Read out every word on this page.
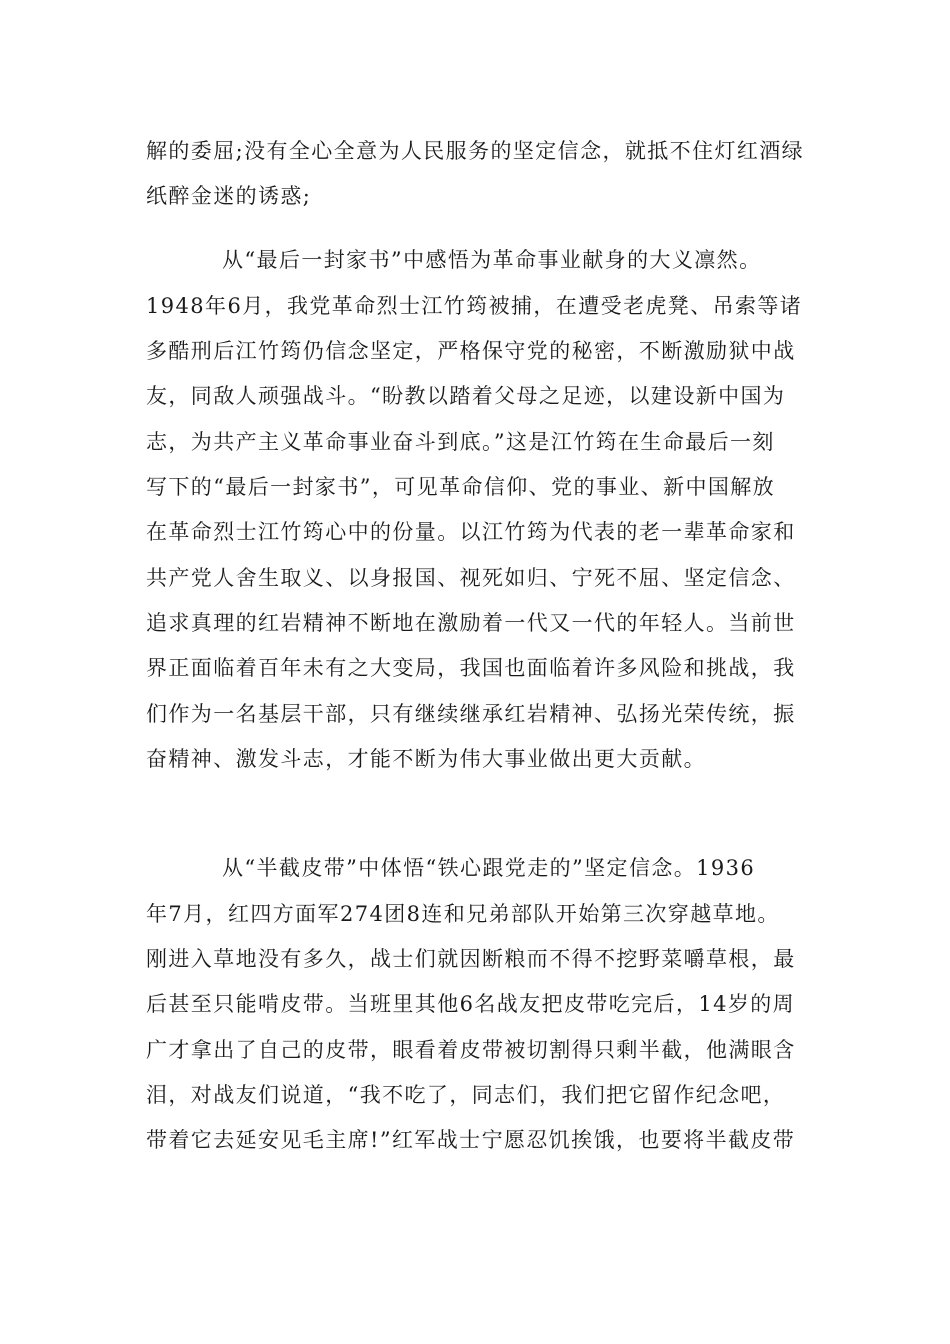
解的委屈;没有全心全意为人民服务的坚定信念，就抵不住灯红酒绿
纸醉金迷的诱惑;
从“最后一封家书”中感悟为革命事业献身的大义凛然。
1948年6月，我党革命烈士江竹筠被捕，在遭受老虎凳、吊索等诸
多酷刑后江竹筠仍信念坚定，严格保守党的秘密，不断激励狱中战
友，同敌人顽强战斗。“盼教以踏着父母之足迹，以建设新中国为
志，为共产主义革命事业奋斗到底。”这是江竹筠在生命最后一刻
写下的“最后一封家书”，可见革命信仰、党的事业、新中国解放
在革命烈士江竹筠心中的份量。以江竹筠为代表的老一辈革命家和
共产党人舍生取义、以身报国、视死如归、宁死不屈、坚定信念、
追求真理的红岩精神不断地在激励着一代又一代的年轻人。当前世
界正面临着百年未有之大变局，我国也面临着许多风险和挑战，我
们作为一名基层干部，只有继续继承红岩精神、弘扬光荣传统，振
奋精神、激发斗志，才能不断为伟大事业做出更大贡献。
从“半截皮带”中体悟“铁心跟党走的”坚定信念。1936
年7月，红四方面军274团8连和兄弟部队开始第三次穿越草地。
刚进入草地没有多久，战士们就因断粮而不得不挖野菜嚼草根，最
后甚至只能啃皮带。当班里其他6名战友把皮带吃完后，14岁的周
广才拿出了自己的皮带，眼看着皮带被切割得只剩半截，他满眼含
泪，对战友们说道，“我不吃了，同志们，我们把它留作纪念吧，
带着它去延安见毛主席!”红军战士宁愿忍饥挨饿，也要将半截皮带
